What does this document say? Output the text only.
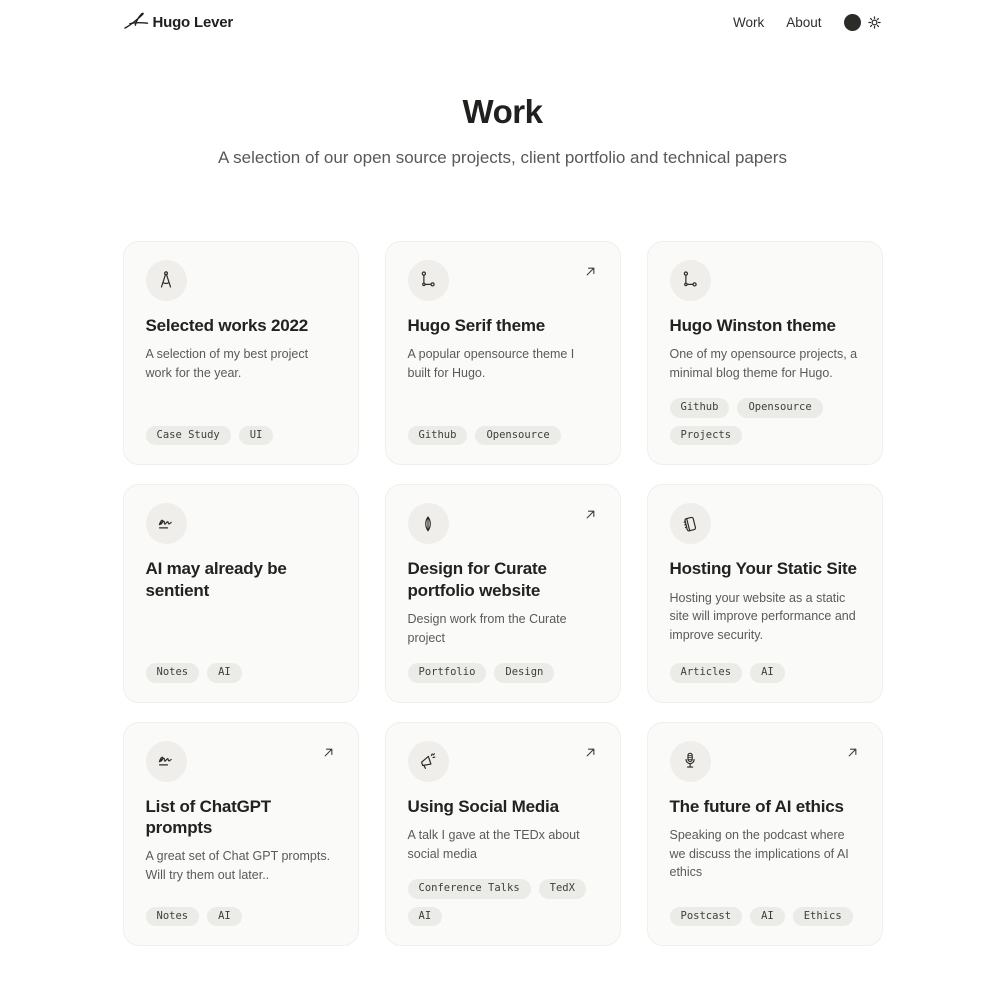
Hugo Lever	Work About
Work

A selection of our open source projects, client portfolio and technical papers

Selected works 2022

A selection of my best project work for the year.

Case Study	UI
Hugo Serif theme

A popular opensource theme I built for Hugo.

Github	Opensource
Hugo Winston theme

One of my opensource projects, a minimal blog theme for Hugo.

Github	Opensource
Projects
AI may already be sentient
Notes	AI
Design for Curate portfolio website

Design work from the Curate project

Portfolio	Design
Hosting Your Static Site

Hosting your website as a static site will improve performance and improve security.

Articles	AI
List of ChatGPT prompts

A great set of Chat GPT prompts. Will try them out later..

Notes	AI
Using Social Media

A talk I gave at the TEDx about social media

Conference Talks	TedX
AI
The future of AI ethics

Speaking on the podcast where we discuss the implications of AI ethics

Postcast	AI	Ethics
